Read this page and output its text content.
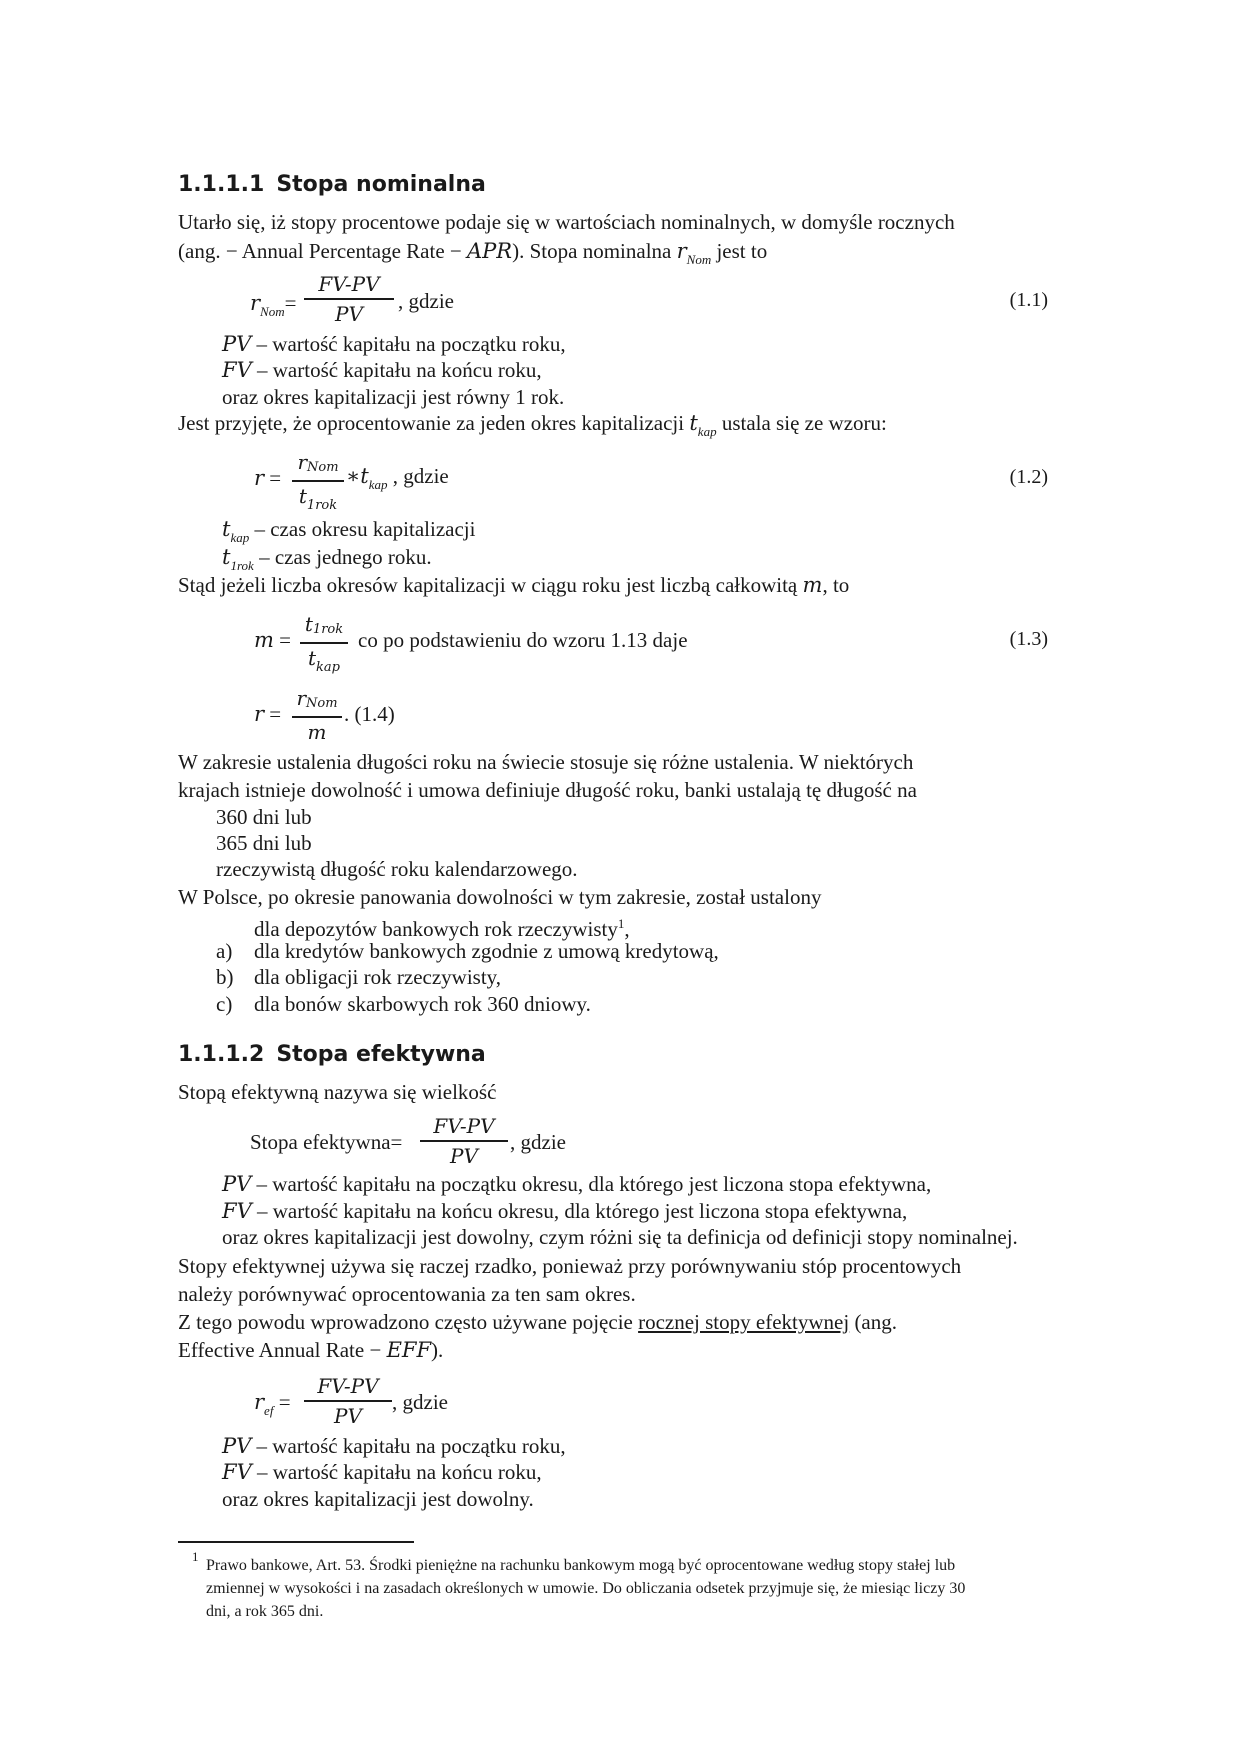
1.1.1.1 Stopa nominalna
Utarło się, iż stopy procentowe podaje się w wartościach nominalnych, w domyśle rocznych
(ang. − Annual Percentage Rate − APR). Stopa nominalna $r_{Nom}$ jest to
$r_{Nom}=$
FV-PV
PV
, gdzie	(1.1)
PV – wartość kapitału na początku roku,
FV – wartość kapitału na końcu roku,
oraz okres kapitalizacji jest równy 1 rok.
Jest przyjęte, że oprocentowanie za jeden okres kapitalizacji $t_{kap}$ ustala się ze wzoru:
r =
rNom
$t_{1rok}$
$∗t_{kap}$ , gdzie	(1.2)
$t_{kap}$ – czas okresu kapitalizacji
$t_{1rok}$ – czas jednego roku.
Stąd jeżeli liczba okresów kapitalizacji w ciągu roku jest liczbą całkowitą m, to
m =
t1rok
$t_{kap}$
co po podstawieniu do wzoru 1.13 daje	(1.3)
r =
rNom
m
. (1.4)
W zakresie ustalenia długości roku na świecie stosuje się różne ustalenia. W niektórych
krajach istnieje dowolność i umowa definiuje długość roku, banki ustalają tę długość na
360 dni lub
365 dni lub
rzeczywistą długość roku kalendarzowego.
W Polsce, po okresie panowania dowolności w tym zakresie, został ustalony
dla depozytów bankowych rok rzeczywisty$^1$,
a) dla kredytów bankowych zgodnie z umową kredytową,
b) dla obligacji rok rzeczywisty,
c) dla bonów skarbowych rok 360 dniowy.
1.1.1.2 Stopa efektywna
Stopą efektywną nazywa się wielkość
Stopa efektywna=
FV-PV
PV
, gdzie
PV – wartość kapitału na początku okresu, dla którego jest liczona stopa efektywna,
FV – wartość kapitału na końcu okresu, dla którego jest liczona stopa efektywna,
oraz okres kapitalizacji jest dowolny, czym różni się ta definicja od definicji stopy nominalnej.
Stopy efektywnej używa się raczej rzadko, ponieważ przy porównywaniu stóp procentowych
należy porównywać oprocentowania za ten sam okres.
Z tego powodu wprowadzono często używane pojęcie rocznej stopy efektywnej (ang.
Effective Annual Rate − EFF).
$r_{ef}$ =
FV-PV
PV
, gdzie
PV – wartość kapitału na początku roku,
FV – wartość kapitału na końcu roku,
oraz okres kapitalizacji jest dowolny.
1
Prawo bankowe, Art. 53. Środki pieniężne na rachunku bankowym mogą być oprocentowane według stopy stałej lub
zmiennej w wysokości i na zasadach określonych w umowie. Do obliczania odsetek przyjmuje się, że miesiąc liczy 30
dni, a rok 365 dni.
